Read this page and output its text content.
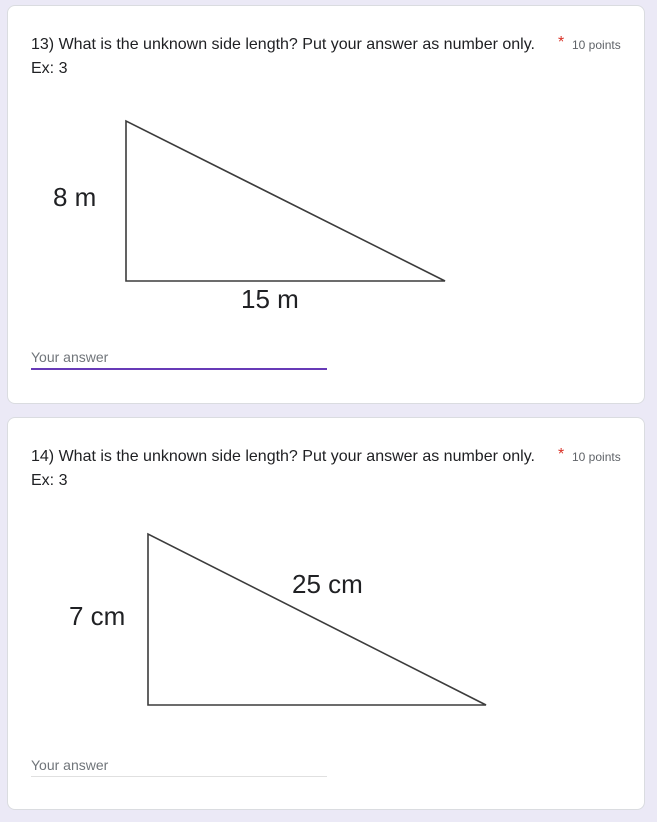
13) What is the unknown side length? Put your answer as number only. Ex: 3
* 10 points
8 m
15 m
Your answer
14) What is the unknown side length? Put your answer as number only. Ex: 3
* 10 points
7 cm
25 cm
Your answer
